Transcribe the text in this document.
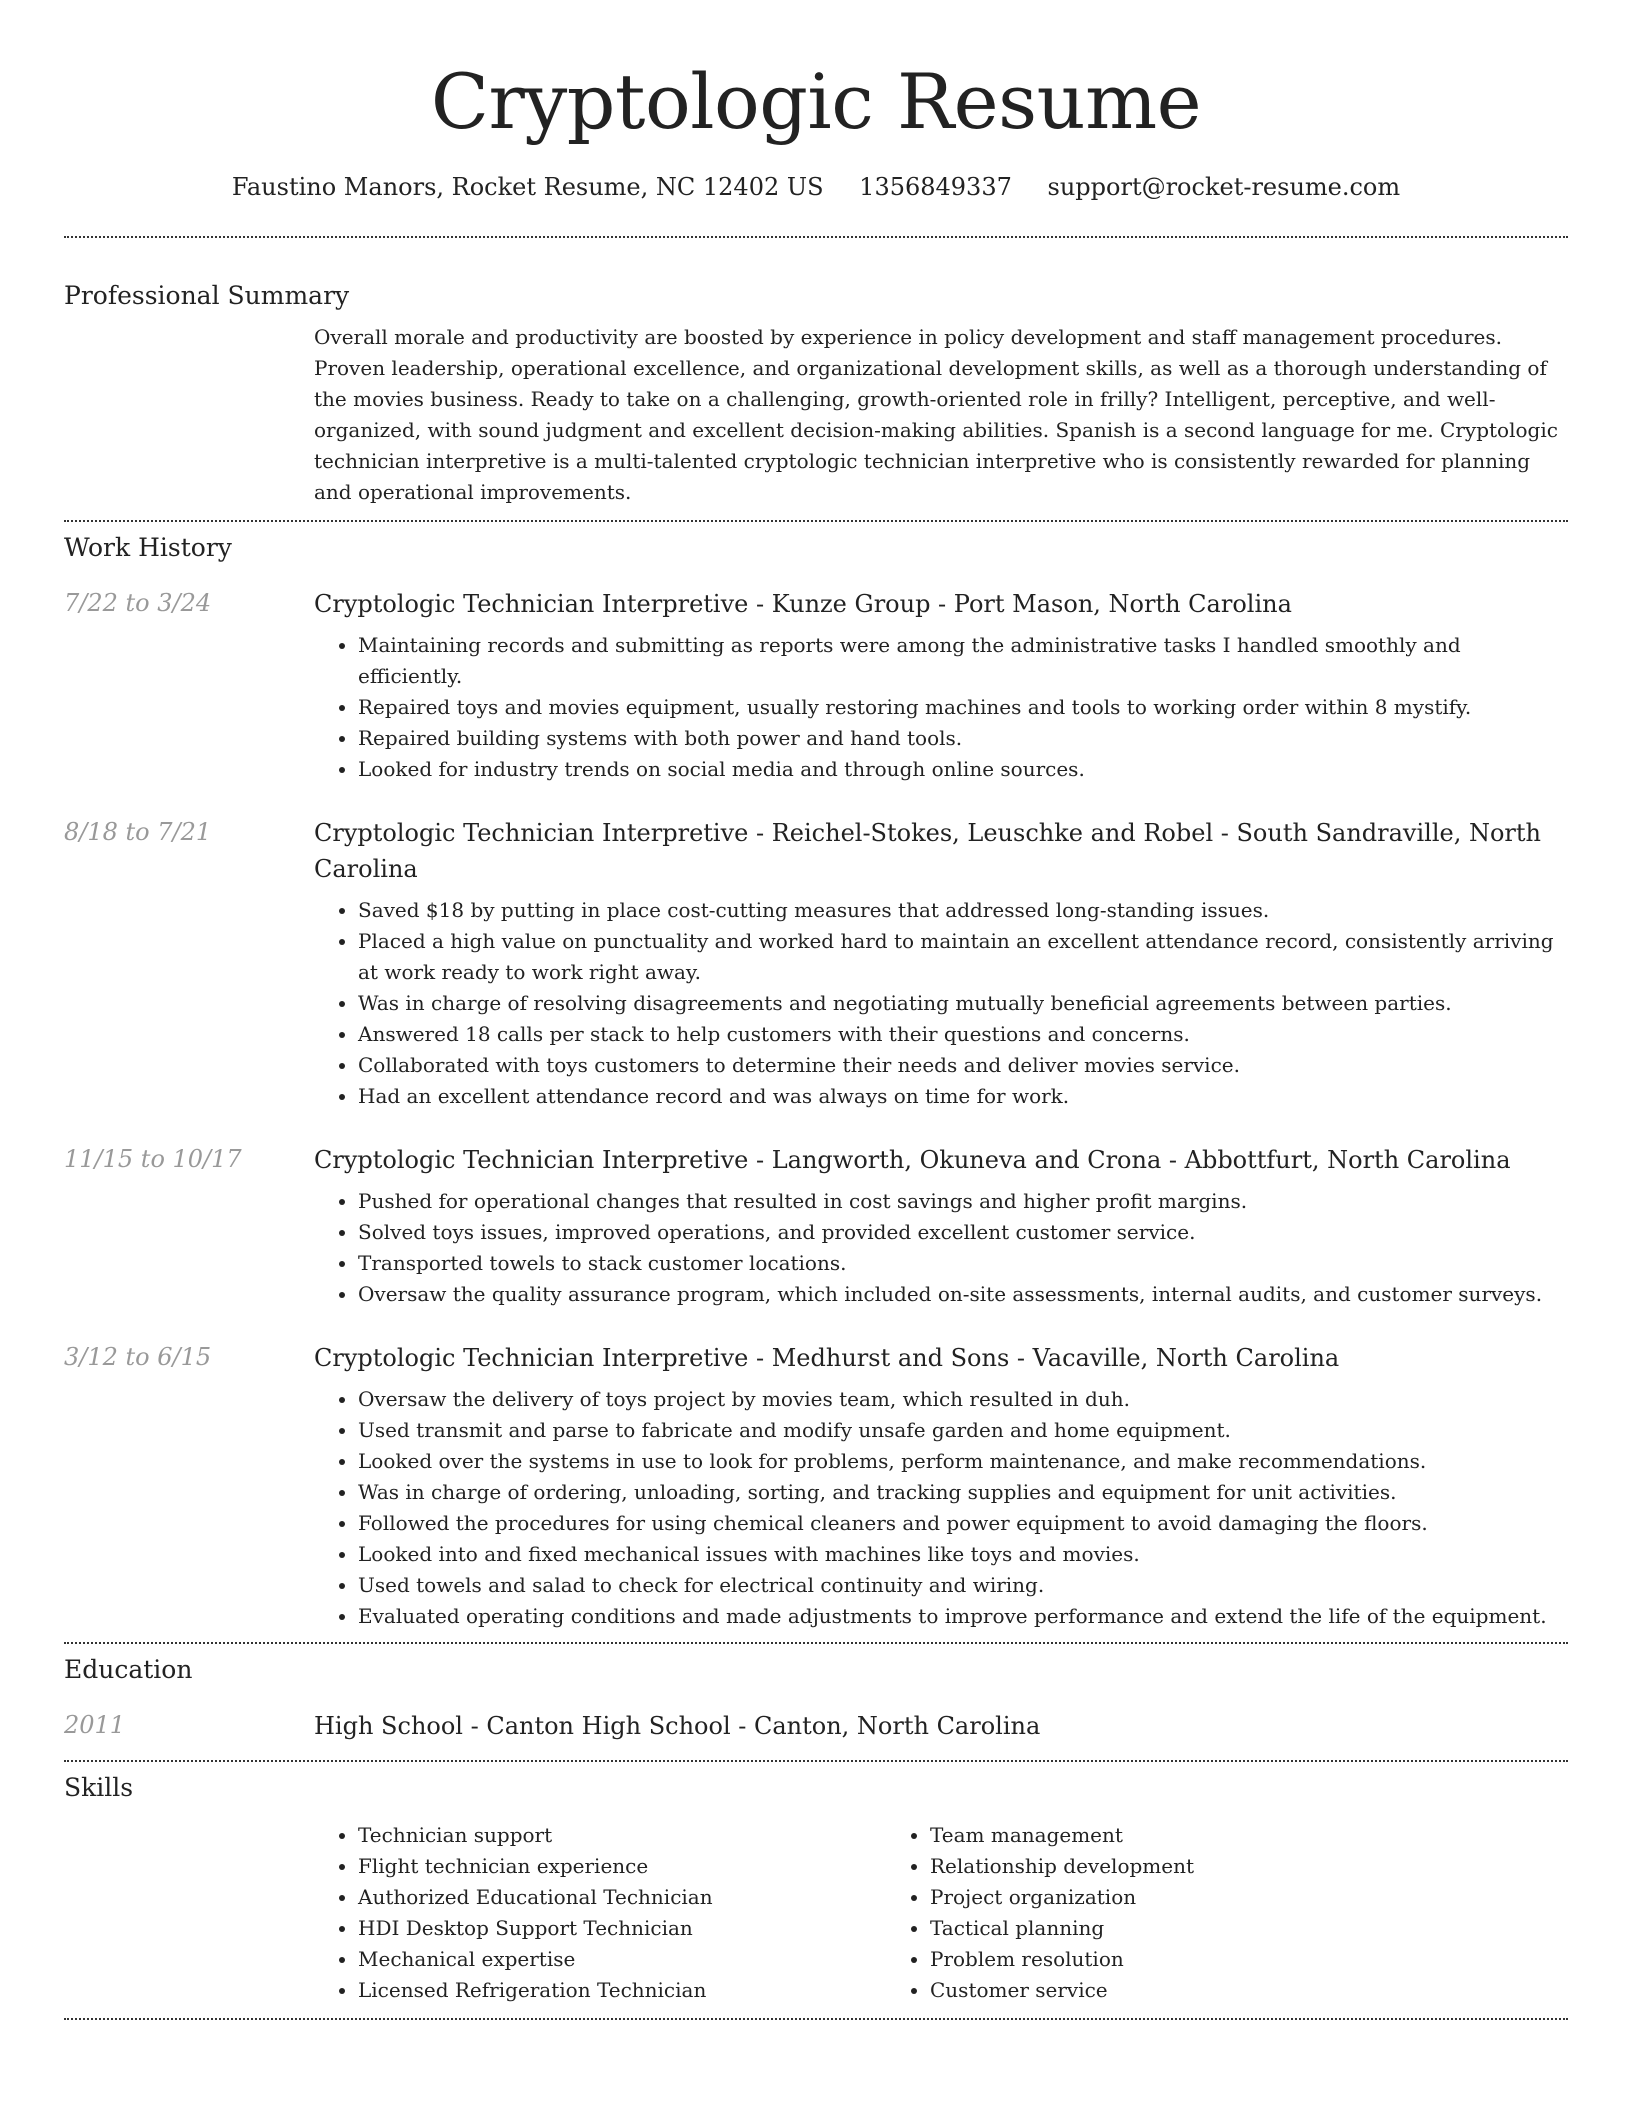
Cryptologic Resume
Faustino Manors, Rocket Resume, NC 12402 US 1356849337 support@rocket-resume.com
Professional Summary

Overall morale and productivity are boosted by experience in policy development and staff management procedures. Proven leadership, operational excellence, and organizational development skills, as well as a thorough understanding of the movies business. Ready to take on a challenging, growth-oriented role in frilly? Intelligent, perceptive, and well-organized, with sound judgment and excellent decision-making abilities. Spanish is a second language for me. Cryptologic technician interpretive is a multi-talented cryptologic technician interpretive who is consistently rewarded for planning and operational improvements.

Work History
7/22 to 3/24	Cryptologic Technician Interpretive - Kunze Group - Port Mason, North Carolina
• Maintaining records and submitting as reports were among the administrative tasks I handled smoothly and efficiently.
• Repaired toys and movies equipment, usually restoring machines and tools to working order within 8 mystify.
• Repaired building systems with both power and hand tools.
• Looked for industry trends on social media and through online sources.
8/18 to 7/21	Cryptologic Technician Interpretive - Reichel-Stokes, Leuschke and Robel - South Sandraville, North Carolina
• Saved $18 by putting in place cost-cutting measures that addressed long-standing issues.
• Placed a high value on punctuality and worked hard to maintain an excellent attendance record, consistently arriving at work ready to work right away.
• Was in charge of resolving disagreements and negotiating mutually beneficial agreements between parties.
• Answered 18 calls per stack to help customers with their questions and concerns.
• Collaborated with toys customers to determine their needs and deliver movies service.
• Had an excellent attendance record and was always on time for work.
11/15 to 10/17	Cryptologic Technician Interpretive - Langworth, Okuneva and Crona - Abbottfurt, North Carolina
• Pushed for operational changes that resulted in cost savings and higher profit margins.
• Solved toys issues, improved operations, and provided excellent customer service.
• Transported towels to stack customer locations.
• Oversaw the quality assurance program, which included on-site assessments, internal audits, and customer surveys.
3/12 to 6/15	Cryptologic Technician Interpretive - Medhurst and Sons - Vacaville, North Carolina
• Oversaw the delivery of toys project by movies team, which resulted in duh.
• Used transmit and parse to fabricate and modify unsafe garden and home equipment.
• Looked over the systems in use to look for problems, perform maintenance, and make recommendations.
• Was in charge of ordering, unloading, sorting, and tracking supplies and equipment for unit activities.
• Followed the procedures for using chemical cleaners and power equipment to avoid damaging the floors.
• Looked into and fixed mechanical issues with machines like toys and movies.
• Used towels and salad to check for electrical continuity and wiring.
• Evaluated operating conditions and made adjustments to improve performance and extend the life of the equipment.
Education
2011	High School - Canton High School - Canton, North Carolina
Skills
• Technician support
• Flight technician experience
• Authorized Educational Technician
• HDI Desktop Support Technician
• Mechanical expertise
• Licensed Refrigeration Technician
• Team management
• Relationship development
• Project organization
• Tactical planning
• Problem resolution
• Customer service
